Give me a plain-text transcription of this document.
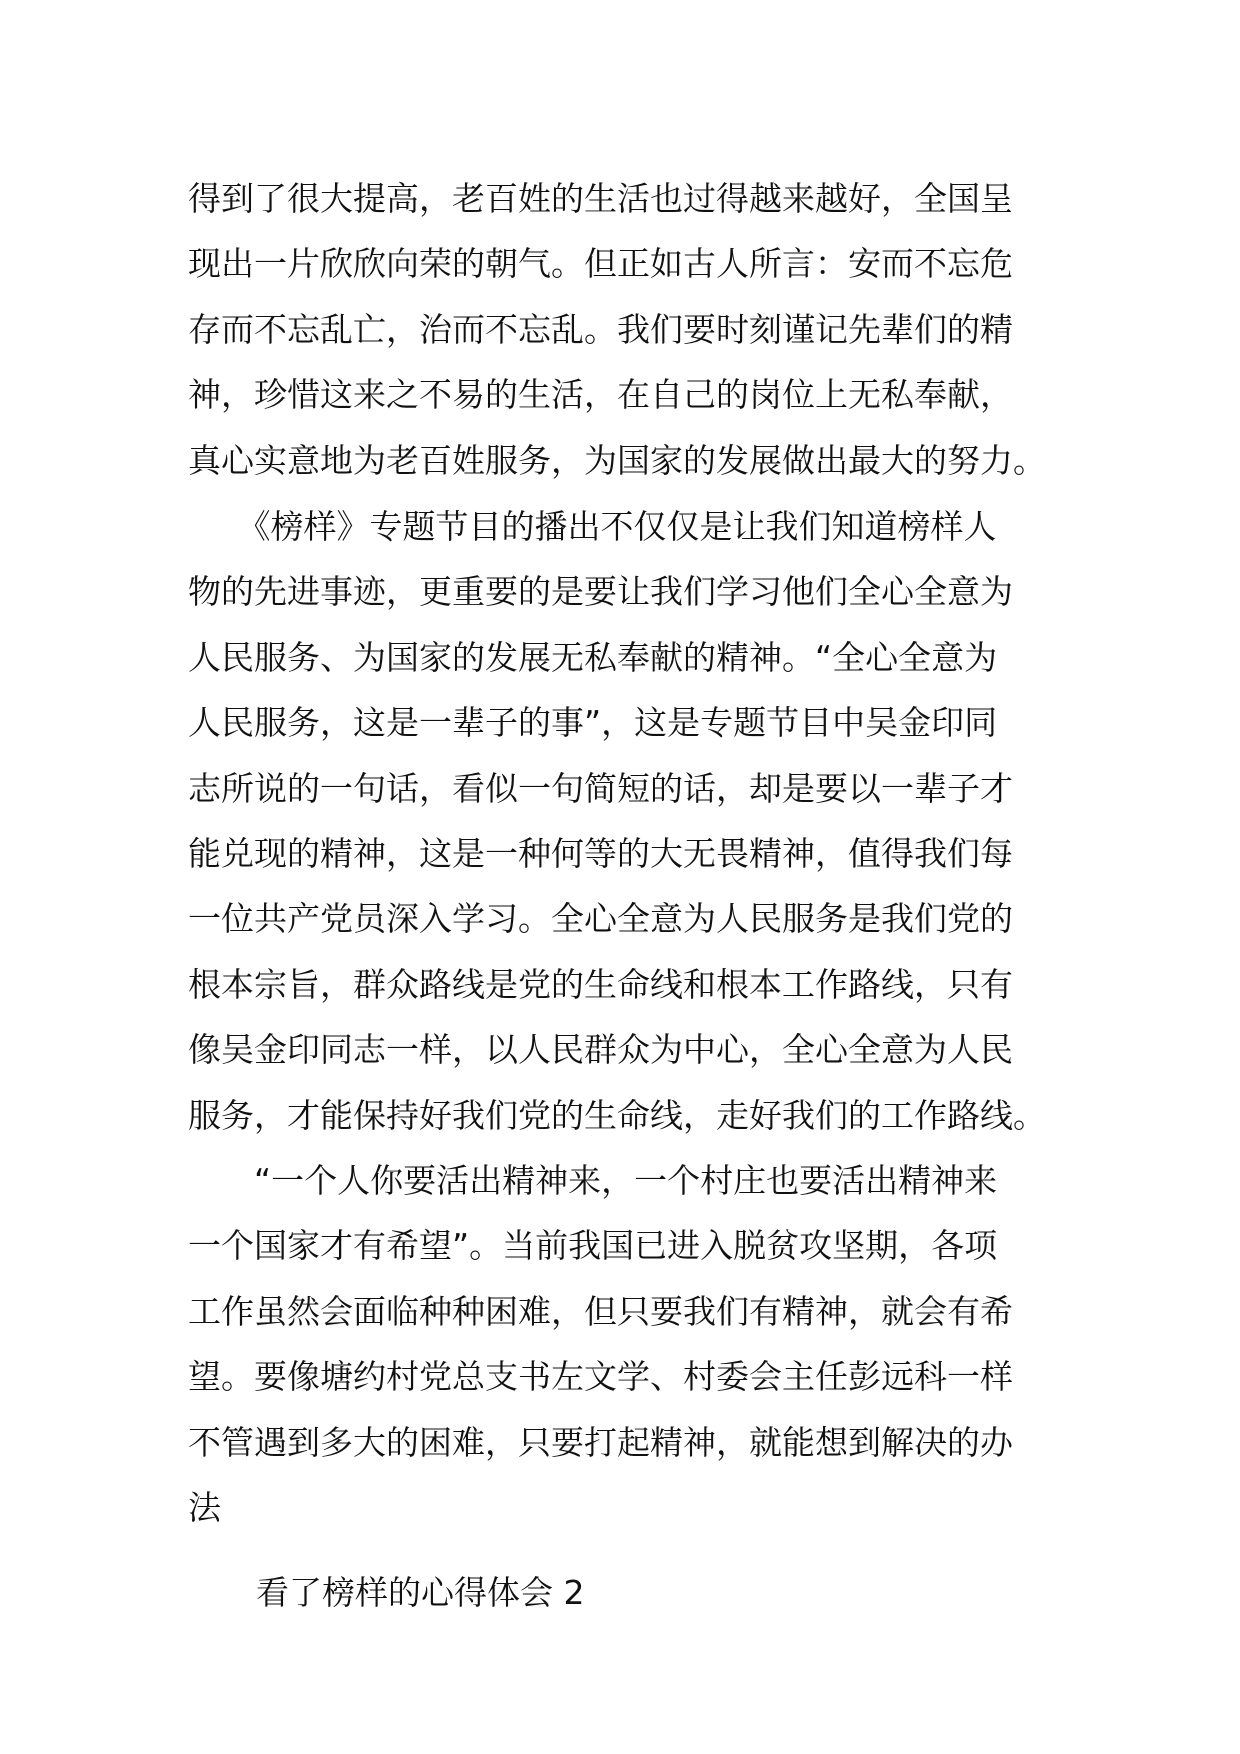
得到了很大提高，老百姓的生活也过得越来越好，全国呈
现出一片欣欣向荣的朝气。但正如古人所言：安而不忘危
存而不忘乱亡，治而不忘乱。我们要时刻谨记先辈们的精
神，珍惜这来之不易的生活，在自己的岗位上无私奉献，
真心实意地为老百姓服务，为国家的发展做出最大的努力。
　　《榜样》专题节目的播出不仅仅是让我们知道榜样人
物的先进事迹，更重要的是要让我们学习他们全心全意为
人民服务、为国家的发展无私奉献的精神。“全心全意为
人民服务，这是一辈子的事”，这是专题节目中吴金印同
志所说的一句话，看似一句简短的话，却是要以一辈子才
能兑现的精神，这是一种何等的大无畏精神，值得我们每
一位共产党员深入学习。全心全意为人民服务是我们党的
根本宗旨，群众路线是党的生命线和根本工作路线，只有
像吴金印同志一样，以人民群众为中心，全心全意为人民
服务，才能保持好我们党的生命线，走好我们的工作路线。
　　“一个人你要活出精神来，一个村庄也要活出精神来
一个国家才有希望”。当前我国已进入脱贫攻坚期，各项
工作虽然会面临种种困难，但只要我们有精神，就会有希
望。要像塘约村党总支书左文学、村委会主任彭远科一样
不管遇到多大的困难，只要打起精神，就能想到解决的办
法
看了榜样的心得体会 2
